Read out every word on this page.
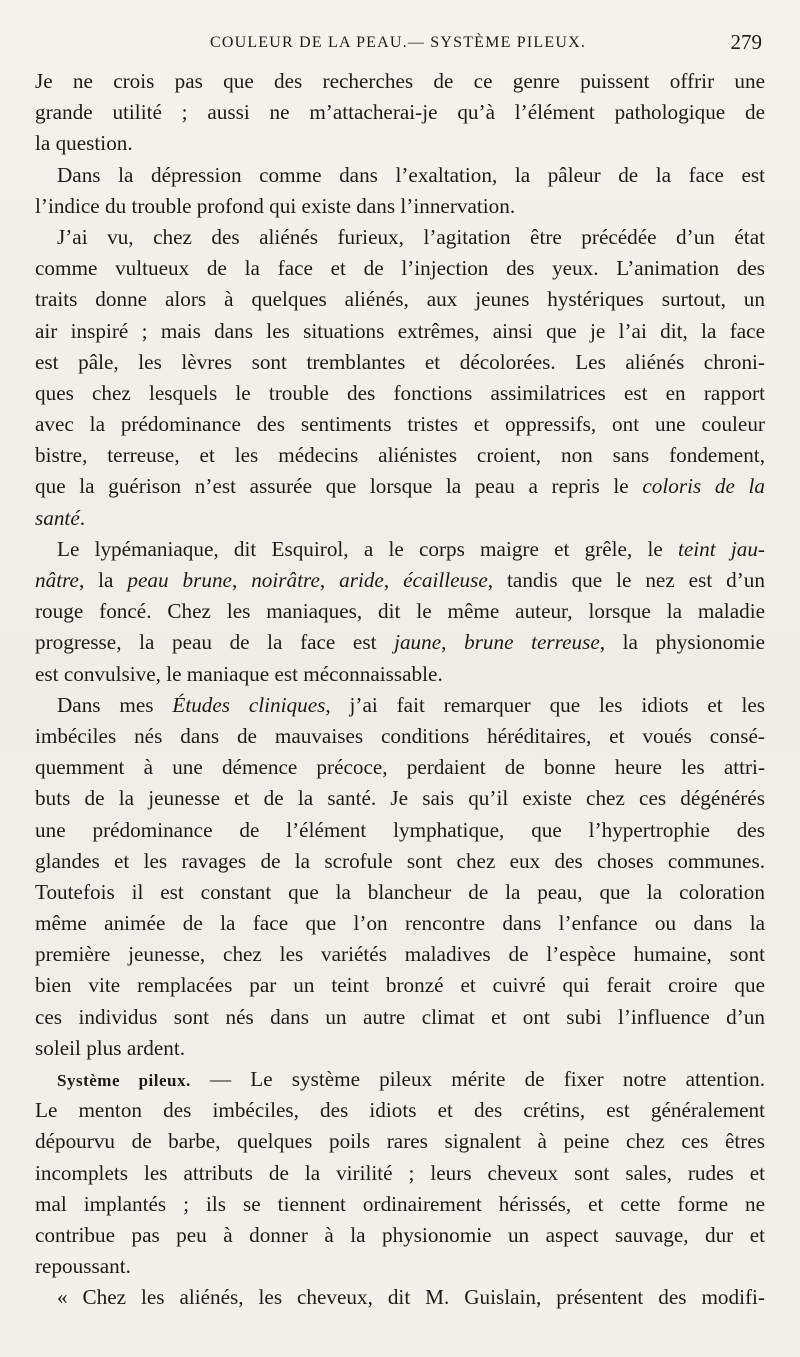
COULEUR DE LA PEAU.— SYSTÈME PILEUX.	279
Je ne crois pas que des recherches de ce genre puissent offrir une
grande utilité ; aussi ne m’attacherai-je qu’à l’élément pathologique de
la question.
Dans la dépression comme dans l’exaltation, la pâleur de la face est
l’indice du trouble profond qui existe dans l’innervation.
J’ai vu, chez des aliénés furieux, l’agitation être précédée d’un état
comme vultueux de la face et de l’injection des yeux. L’animation des
traits donne alors à quelques aliénés, aux jeunes hystériques surtout, un
air inspiré ; mais dans les situations extrêmes, ainsi que je l’ai dit, la face
est pâle, les lèvres sont tremblantes et décolorées. Les aliénés chroni-
ques chez lesquels le trouble des fonctions assimilatrices est en rapport
avec la prédominance des sentiments tristes et oppressifs, ont une couleur
bistre, terreuse, et les médecins aliénistes croient, non sans fondement,
que la guérison n’est assurée que lorsque la peau a repris le coloris de la
santé.
Le lypémaniaque, dit Esquirol, a le corps maigre et grêle, le teint jau-
nâtre, la peau brune, noirâtre, aride, écailleuse, tandis que le nez est d’un
rouge foncé. Chez les maniaques, dit le même auteur, lorsque la maladie
progresse, la peau de la face est jaune, brune terreuse, la physionomie
est convulsive, le maniaque est méconnaissable.
Dans mes Études cliniques, j’ai fait remarquer que les idiots et les
imbéciles nés dans de mauvaises conditions héréditaires, et voués consé-
quemment à une démence précoce, perdaient de bonne heure les attri-
buts de la jeunesse et de la santé. Je sais qu’il existe chez ces dégénérés
une prédominance de l’élément lymphatique, que l’hypertrophie des
glandes et les ravages de la scrofule sont chez eux des choses communes.
Toutefois il est constant que la blancheur de la peau, que la coloration
même animée de la face que l’on rencontre dans l’enfance ou dans la
première jeunesse, chez les variétés maladives de l’espèce humaine, sont
bien vite remplacées par un teint bronzé et cuivré qui ferait croire que
ces individus sont nés dans un autre climat et ont subi l’influence d’un
soleil plus ardent.
Système pileux. — Le système pileux mérite de fixer notre attention.
Le menton des imbéciles, des idiots et des crétins, est généralement
dépourvu de barbe, quelques poils rares signalent à peine chez ces êtres
incomplets les attributs de la virilité ; leurs cheveux sont sales, rudes et
mal implantés ; ils se tiennent ordinairement hérissés, et cette forme ne
contribue pas peu à donner à la physionomie un aspect sauvage, dur et
repoussant.
« Chez les aliénés, les cheveux, dit M. Guislain, présentent des modifi-
